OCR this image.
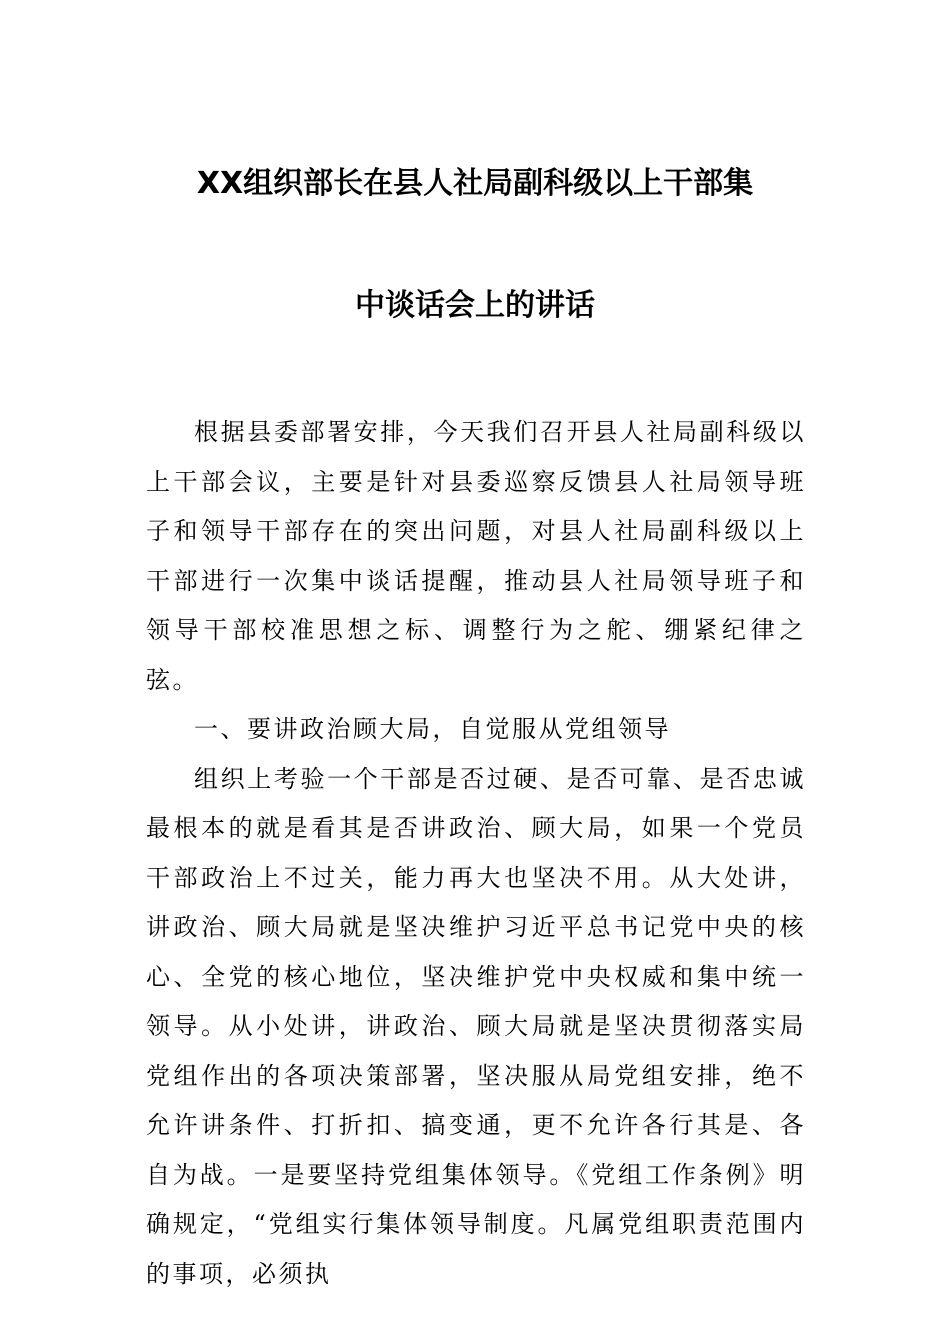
XX组织部长在县人社局副科级以上干部集
中谈话会上的讲话

根据县委部署安排，今天我们召开县人社局副科级以上干部会议，主要是针对县委巡察反馈县人社局领导班子和领导干部存在的突出问题，对县人社局副科级以上干部进行一次集中谈话提醒，推动县人社局领导班子和领导干部校准思想之标、调整行为之舵、绷紧纪律之弦。

一、要讲政治顾大局，自觉服从党组领导

组织上考验一个干部是否过硬、是否可靠、是否忠诚最根本的就是看其是否讲政治、顾大局，如果一个党员干部政治上不过关，能力再大也坚决不用。从大处讲，讲政治、顾大局就是坚决维护习近平总书记党中央的核心、全党的核心地位，坚决维护党中央权威和集中统一领导。从小处讲，讲政治、顾大局就是坚决贯彻落实局党组作出的各项决策部署，坚决服从局党组安排，绝不允许讲条件、打折扣、搞变通，更不允许各行其是、各自为战。一是要坚持党组集体领导。《党组工作条例》明确规定，“党组实行集体领导制度。凡属党组职责范围内的事项，必须执
